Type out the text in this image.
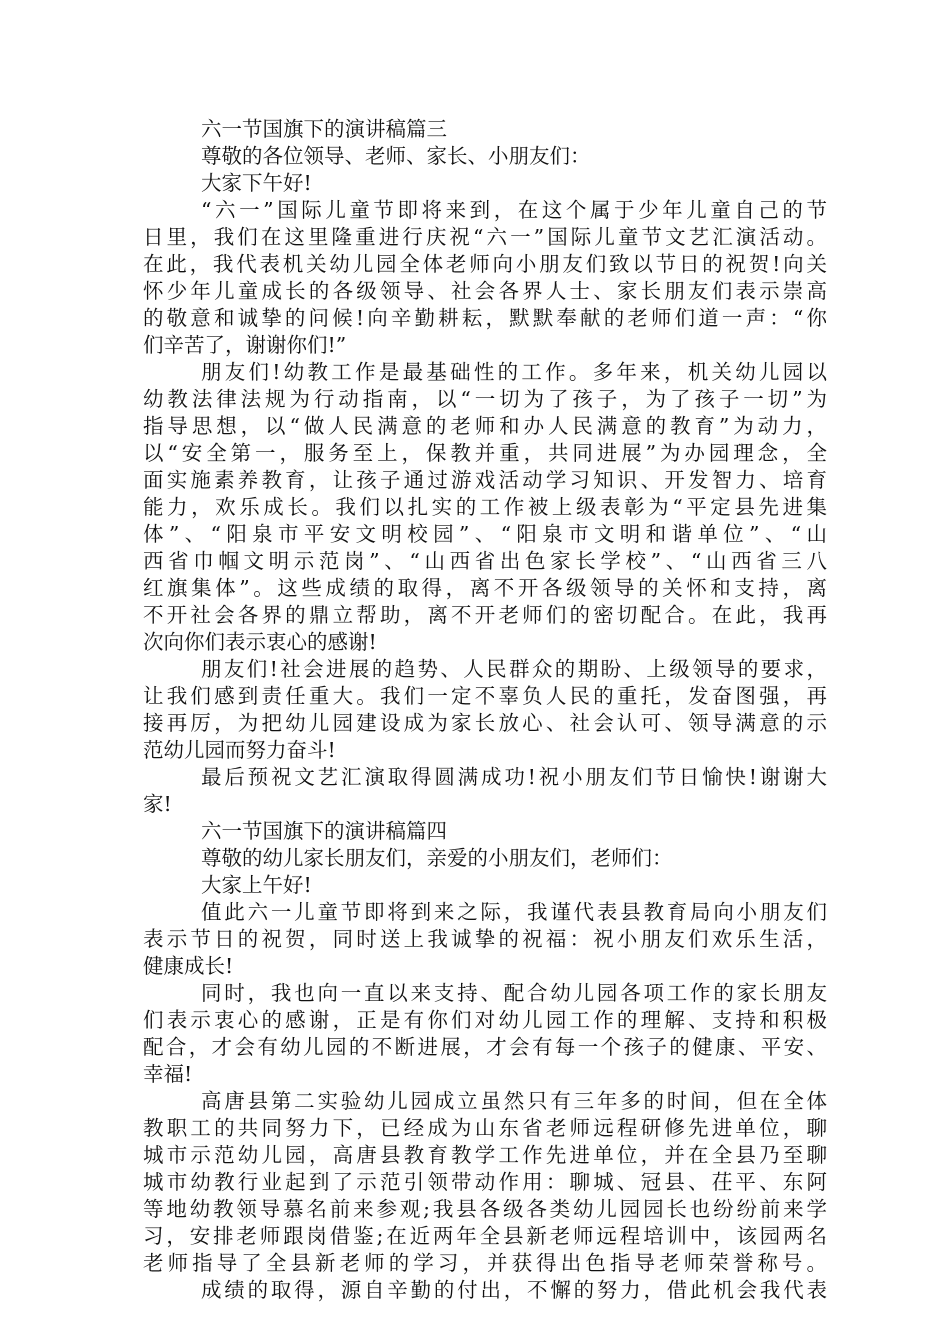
六一节国旗下的演讲稿篇三
尊敬的各位领导、老师、家长、小朋友们：
大家下午好!
“六一”国际儿童节即将来到，在这个属于少年儿童自己的节
日里，我们在这里隆重进行庆祝“六一”国际儿童节文艺汇演活动。
在此，我代表机关幼儿园全体老师向小朋友们致以节日的祝贺!向关
怀少年儿童成长的各级领导、社会各界人士、家长朋友们表示崇高
的敬意和诚挚的问候!向辛勤耕耘，默默奉献的老师们道一声：“你
们辛苦了，谢谢你们!”
朋友们!幼教工作是最基础性的工作。多年来，机关幼儿园以
幼教法律法规为行动指南，以“一切为了孩子，为了孩子一切”为
指导思想，以“做人民满意的老师和办人民满意的教育”为动力，
以“安全第一，服务至上，保教并重，共同进展”为办园理念，全
面实施素养教育，让孩子通过游戏活动学习知识、开发智力、培育
能力，欢乐成长。我们以扎实的工作被上级表彰为“平定县先进集
体”、“阳泉市平安文明校园”、“阳泉市文明和谐单位”、“山
西省巾帼文明示范岗”、“山西省出色家长学校”、“山西省三八
红旗集体”。这些成绩的取得，离不开各级领导的关怀和支持，离
不开社会各界的鼎立帮助，离不开老师们的密切配合。在此，我再
次向你们表示衷心的感谢!
朋友们!社会进展的趋势、人民群众的期盼、上级领导的要求，
让我们感到责任重大。我们一定不辜负人民的重托，发奋图强，再
接再厉，为把幼儿园建设成为家长放心、社会认可、领导满意的示
范幼儿园而努力奋斗!
最后预祝文艺汇演取得圆满成功!祝小朋友们节日愉快!谢谢大
家!
六一节国旗下的演讲稿篇四
尊敬的幼儿家长朋友们，亲爱的小朋友们，老师们：
大家上午好!
值此六一儿童节即将到来之际，我谨代表县教育局向小朋友们
表示节日的祝贺，同时送上我诚挚的祝福：祝小朋友们欢乐生活，
健康成长!
同时，我也向一直以来支持、配合幼儿园各项工作的家长朋友
们表示衷心的感谢，正是有你们对幼儿园工作的理解、支持和积极
配合，才会有幼儿园的不断进展，才会有每一个孩子的健康、平安、
幸福!
高唐县第二实验幼儿园成立虽然只有三年多的时间，但在全体
教职工的共同努力下，已经成为山东省老师远程研修先进单位，聊
城市示范幼儿园，高唐县教育教学工作先进单位，并在全县乃至聊
城市幼教行业起到了示范引领带动作用：聊城、冠县、茌平、东阿
等地幼教领导慕名前来参观;我县各级各类幼儿园园长也纷纷前来学
习，安排老师跟岗借鉴;在近两年全县新老师远程培训中，该园两名
老师指导了全县新老师的学习，并获得出色指导老师荣誉称号。
成绩的取得，源自辛勤的付出，不懈的努力，借此机会我代表
